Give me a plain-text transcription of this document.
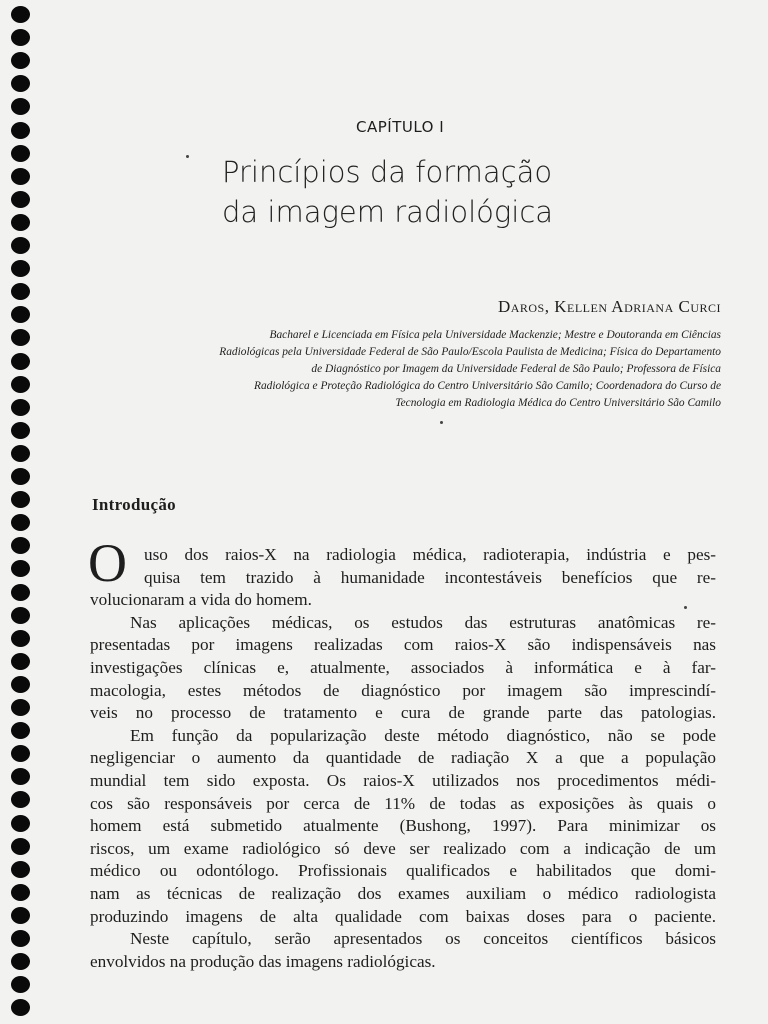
CAPÍTULO I
Princípios da formação
da imagem radiológica
Daros, Kellen Adriana Curci
Bacharel e Licenciada em Física pela Universidade Mackenzie; Mestre e Doutoranda em Ciências
Radiológicas pela Universidade Federal de São Paulo/Escola Paulista de Medicina; Física do Departamento
de Diagnóstico por Imagem da Universidade Federal de São Paulo; Professora de Física
Radiológica e Proteção Radiológica do Centro Universitário São Camilo; Coordenadora do Curso de
Tecnologia em Radiologia Médica do Centro Universitário São Camilo
Introdução
O uso dos raios-X na radiologia médica, radioterapia, indústria e pes-
quisa tem trazido à humanidade incontestáveis benefícios que re-
volucionaram a vida do homem.
Nas aplicações médicas, os estudos das estruturas anatômicas re-
presentadas por imagens realizadas com raios-X são indispensáveis nas
investigações clínicas e, atualmente, associados à informática e à far-
macologia, estes métodos de diagnóstico por imagem são imprescindí-
veis no processo de tratamento e cura de grande parte das patologias.
Em função da popularização deste método diagnóstico, não se pode
negligenciar o aumento da quantidade de radiação X a que a população
mundial tem sido exposta. Os raios-X utilizados nos procedimentos médi-
cos são responsáveis por cerca de 11% de todas as exposições às quais o
homem está submetido atualmente (Bushong, 1997). Para minimizar os
riscos, um exame radiológico só deve ser realizado com a indicação de um
médico ou odontólogo. Profissionais qualificados e habilitados que domi-
nam as técnicas de realização dos exames auxiliam o médico radiologista
produzindo imagens de alta qualidade com baixas doses para o paciente.
Neste capítulo, serão apresentados os conceitos científicos básicos
envolvidos na produção das imagens radiológicas.
